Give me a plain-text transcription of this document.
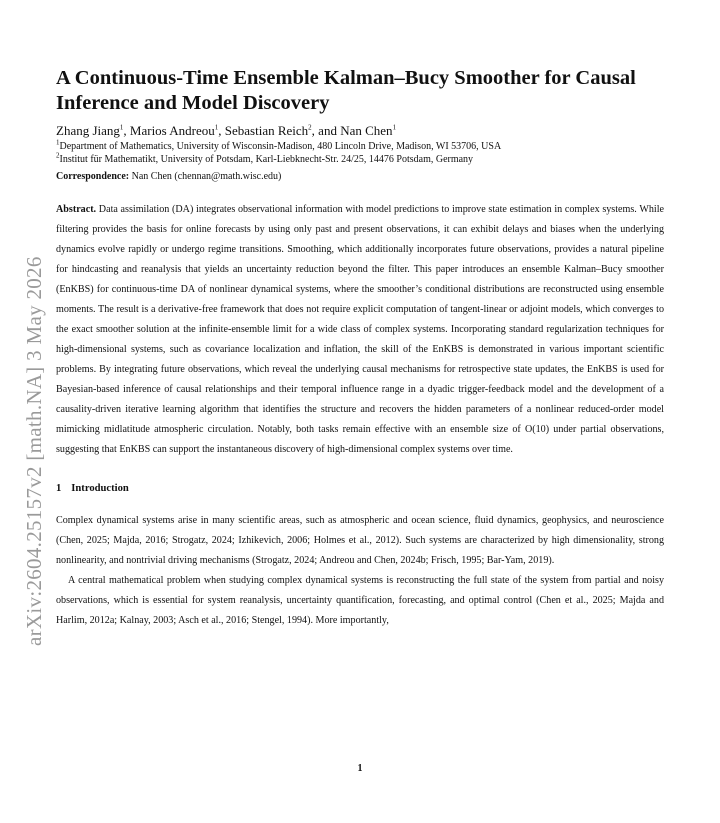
arXiv:2604.25157v2 [math.NA] 3 May 2026
A Continuous-Time Ensemble Kalman–Bucy Smoother for Causal Inference and Model Discovery
Zhang Jiang$^1$, Marios Andreou$^1$, Sebastian Reich$^2$, and Nan Chen$^1$
$^1$Department of Mathematics, University of Wisconsin-Madison, 480 Lincoln Drive, Madison, WI 53706, USA
$^2$Institut für Mathematikt, University of Potsdam, Karl-Liebknecht-Str. 24/25, 14476 Potsdam, Germany
Correspondence: Nan Chen (chennan@math.wisc.edu)

Abstract. Data assimilation (DA) integrates observational information with model predictions to improve state estimation in complex systems. While filtering provides the basis for online forecasts by using only past and present observations, it can exhibit delays and biases when the underlying dynamics evolve rapidly or undergo regime transitions. Smoothing, which additionally incorporates future observations, provides a natural pipeline for hindcasting and reanalysis that yields an uncertainty reduction beyond the filter. This paper introduces an ensemble Kalman–Bucy smoother (EnKBS) for continuous-time DA of nonlinear dynamical systems, where the smoother’s conditional distributions are reconstructed using ensemble moments. The result is a derivative-free framework that does not require explicit computation of tangent-linear or adjoint models, which converges to the exact smoother solution at the infinite-ensemble limit for a wide class of complex systems. Incorporating standard regularization techniques for high-dimensional systems, such as covariance localization and inflation, the skill of the EnKBS is demonstrated in various important scientific problems. By integrating future observations, which reveal the underlying causal mechanisms for retrospective state updates, the EnKBS is used for Bayesian-based inference of causal relationships and their temporal influence range in a dyadic trigger-feedback model and the development of a causality-driven iterative learning algorithm that identifies the structure and recovers the hidden parameters of a nonlinear reduced-order model mimicking midlatitude atmospheric circulation. Notably, both tasks remain effective with an ensemble size of O(10) under partial observations, suggesting that EnKBS can support the instantaneous discovery of high-dimensional complex systems over time.

1 Introduction

Complex dynamical systems arise in many scientific areas, such as atmospheric and ocean science, fluid dynamics, geophysics, and neuroscience (Chen, 2025; Majda, 2016; Strogatz, 2024; Izhikevich, 2006; Holmes et al., 2012). Such systems are characterized by high dimensionality, strong nonlinearity, and nontrivial driving mechanisms (Strogatz, 2024; Andreou and Chen, 2024b; Frisch, 1995; Bar-Yam, 2019).

A central mathematical problem when studying complex dynamical systems is reconstructing the full state of the system from partial and noisy observations, which is essential for system reanalysis, uncertainty quantification, forecasting, and optimal control (Chen et al., 2025; Majda and Harlim, 2012a; Kalnay, 2003; Asch et al., 2016; Stengel, 1994). More importantly,

1
